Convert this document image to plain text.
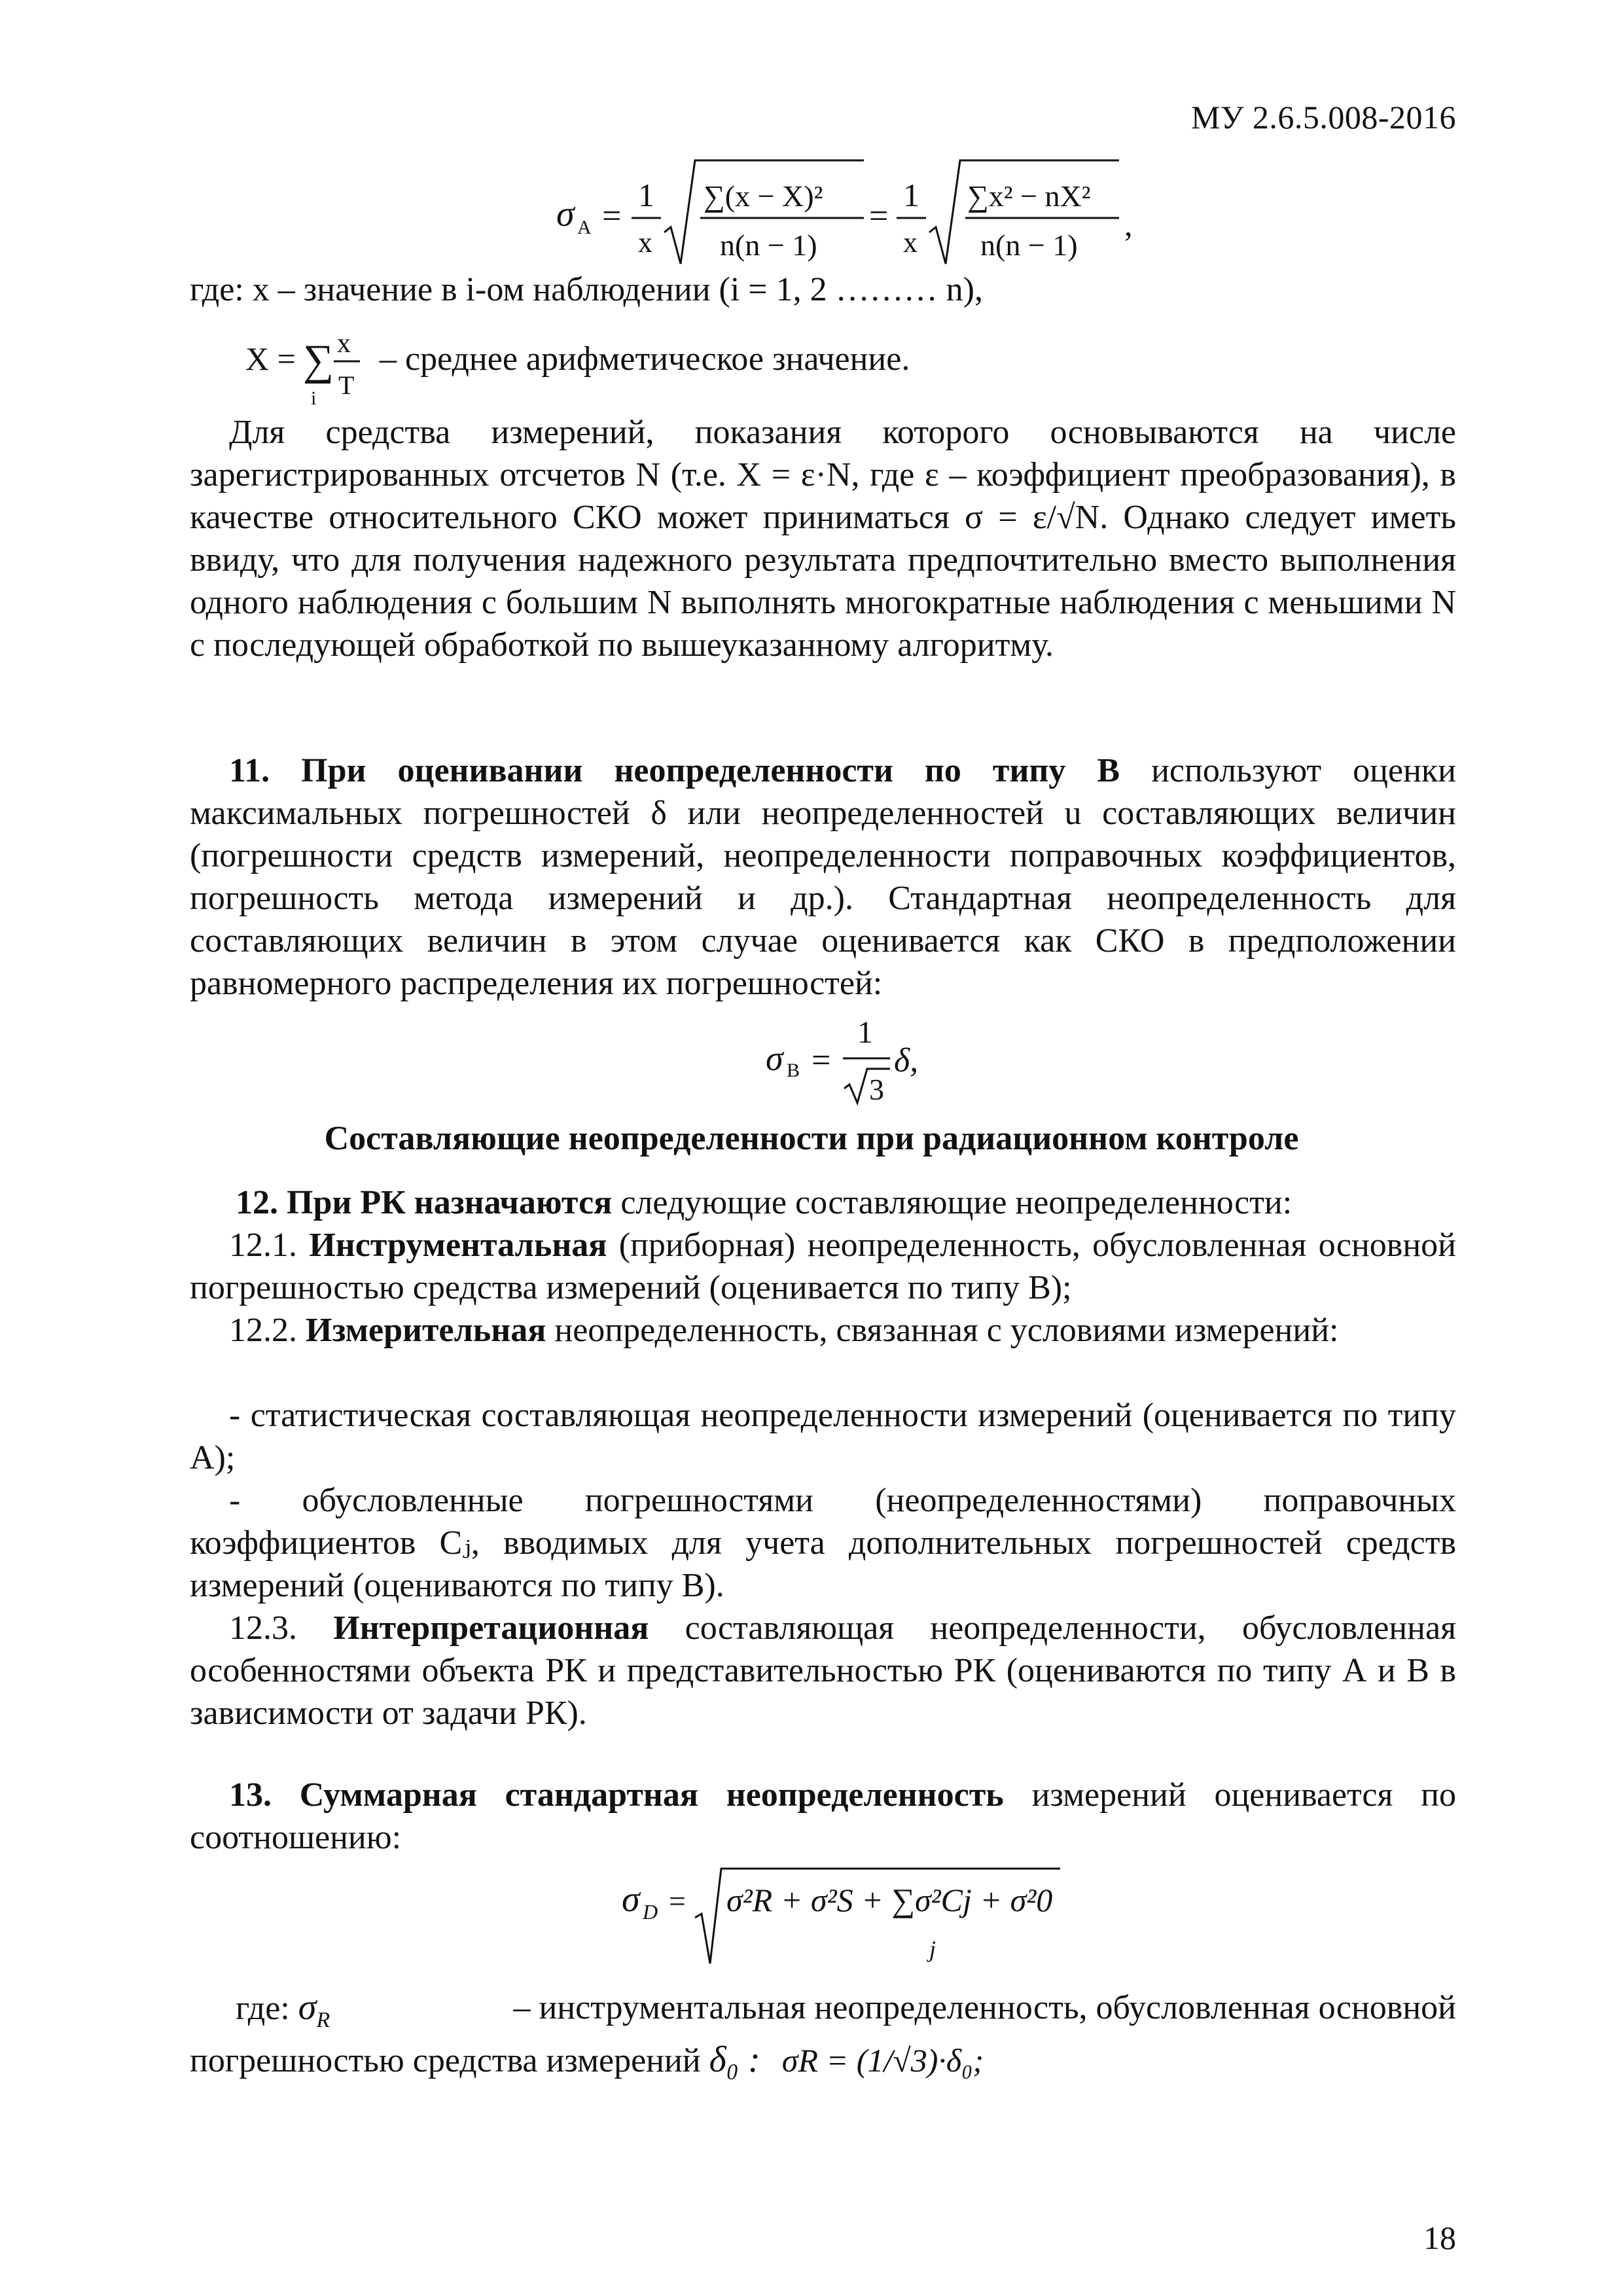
МУ 2.6.5.008-2016
σ А =
1
x
∑(x − X)²
n(n − 1)
=
1
x
∑x² − nX²
n(n − 1)
,
где: x – значение в i-ом наблюдении (i = 1, 2 ……… n),
X = ∑
i
x
T
– среднее арифметическое значение.
Для средства измерений, показания которого основываются на числе зарегистрированных отсчетов N (т.е. X = ε·N, где ε – коэффициент преобразования), в качестве относительного СКО может приниматься σ = ε/√N. Однако следует иметь ввиду, что для получения надежного результата предпочтительно вместо выполнения одного наблюдения с большим N выполнять многократные наблюдения с меньшими N с последующей обработкой по вышеуказанному алгоритму.
11. При оценивании неопределенности по типу В используют оценки максимальных погрешностей δ или неопределенностей u составляющих величин (погрешности средств измерений, неопределенности поправочных коэффициентов, погрешность метода измерений и др.). Стандартная неопределенность для составляющих величин в этом случае оценивается как СКО в предположении равномерного распределения их погрешностей:
σ В =
1
3
δ,
Составляющие неопределенности при радиационном контроле
12. При РК назначаются следующие составляющие неопределенности:
12.1. Инструментальная (приборная) неопределенность, обусловленная основной погрешностью средства измерений (оценивается по типу В);
12.2. Измерительная неопределенность, связанная с условиями измерений:
- статистическая составляющая неопределенности измерений (оценивается по типу А);
- обусловленные погрешностями (неопределенностями) поправочных коэффициентов Cⱼ, вводимых для учета дополнительных погрешностей средств измерений (оцениваются по типу В).
12.3. Интерпретационная составляющая неопределенности, обусловленная особенностями объекта РК и представительностью РК (оцениваются по типу А и В в зависимости от задачи РК).
13. Суммарная стандартная неопределенность измерений оценивается по соотношению:
σ D = σ²R + σ²S + ∑σ²Cj + σ²0
j
где: $\sigma_R$	– инструментальная неопределенность, обусловленная основной
погрешностью средства измерений δ₀ : σR = (1/√3)·δ₀;
18
